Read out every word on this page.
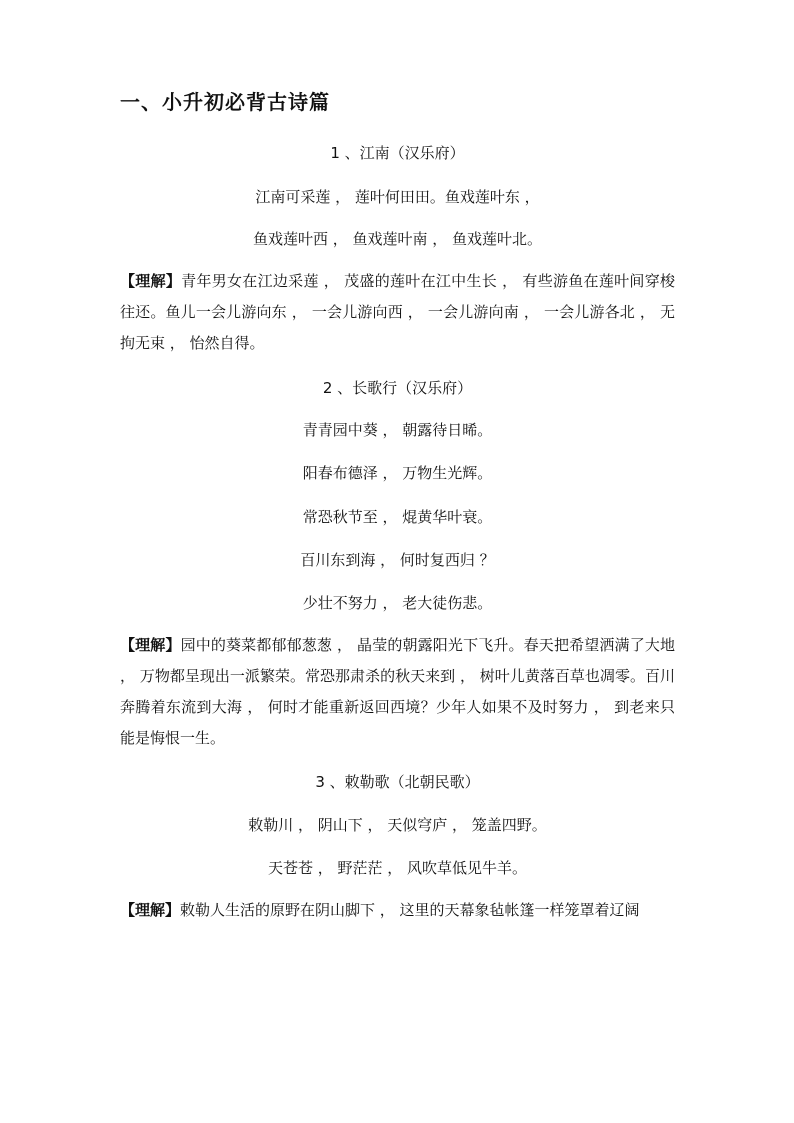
一、小升初必背古诗篇
1 、江南（汉乐府）
江南可采莲 ， 莲叶何田田。鱼戏莲叶东 ，
鱼戏莲叶西 ， 鱼戏莲叶南 ， 鱼戏莲叶北。
【理解】青年男女在江边采莲 ， 茂盛的莲叶在江中生长 ， 有些游鱼在莲叶间穿梭往还。鱼儿一会儿游向东 ， 一会儿游向西 ， 一会儿游向南 ， 一会儿游各北 ， 无拘无束 ， 怡然自得。
2 、长歌行（汉乐府）
青青园中葵 ， 朝露待日晞。
阳春布德泽 ， 万物生光辉。
常恐秋节至 ， 焜黄华叶衰。
百川东到海 ， 何时复西归 ？
少壮不努力 ， 老大徒伤悲。
【理解】园中的葵菜都郁郁葱葱 ， 晶莹的朝露阳光下飞升。春天把希望洒满了大地 ， 万物都呈现出一派繁荣。常恐那肃杀的秋天来到 ， 树叶儿黄落百草也凋零。百川奔腾着东流到大海 ， 何时才能重新返回西境？少年人如果不及时努力 ， 到老来只能是悔恨一生。
3 、敕勒歌（北朝民歌）
敕勒川 ， 阴山下 ， 天似穹庐 ， 笼盖四野。
天苍苍 ， 野茫茫 ， 风吹草低见牛羊。
【理解】敕勒人生活的原野在阴山脚下 ， 这里的天幕象毡帐篷一样笼罩着辽阔
